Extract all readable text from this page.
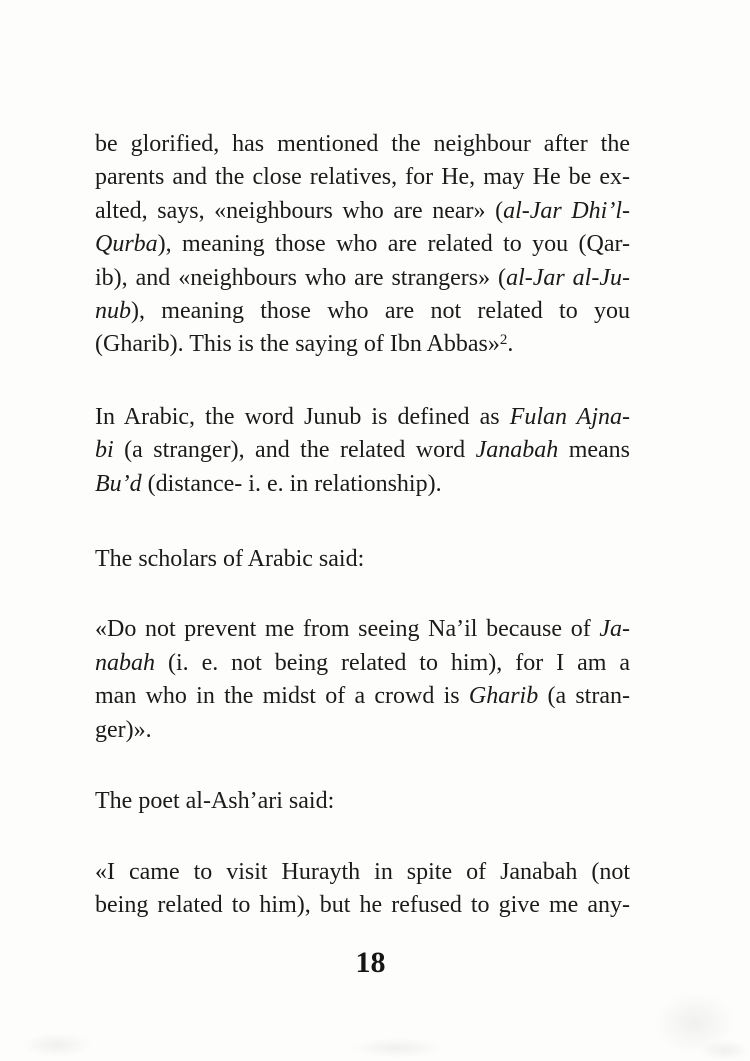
be glorified, has mentioned the neighbour after the
parents and the close relatives, for He, may He be ex-
alted, says, «neighbours who are near» (al-Jar Dhi’l-
Qurba), meaning those who are related to you (Qar-
ib), and «neighbours who are strangers» (al-Jar al-Ju-
nub), meaning those who are not related to you
(Gharib). This is the saying of Ibn Abbas»2.
In Arabic, the word Junub is defined as Fulan Ajna-
bi (a stranger), and the related word Janabah means
Bu’d (distance- i. e. in relationship).
The scholars of Arabic said:
«Do not prevent me from seeing Na’il because of Ja-
nabah (i. e. not being related to him), for I am a
man who in the midst of a crowd is Gharib (a stran-
ger)».
The poet al-Ash’ari said:
«I came to visit Hurayth in spite of Janabah (not
being related to him), but he refused to give me any-
18
